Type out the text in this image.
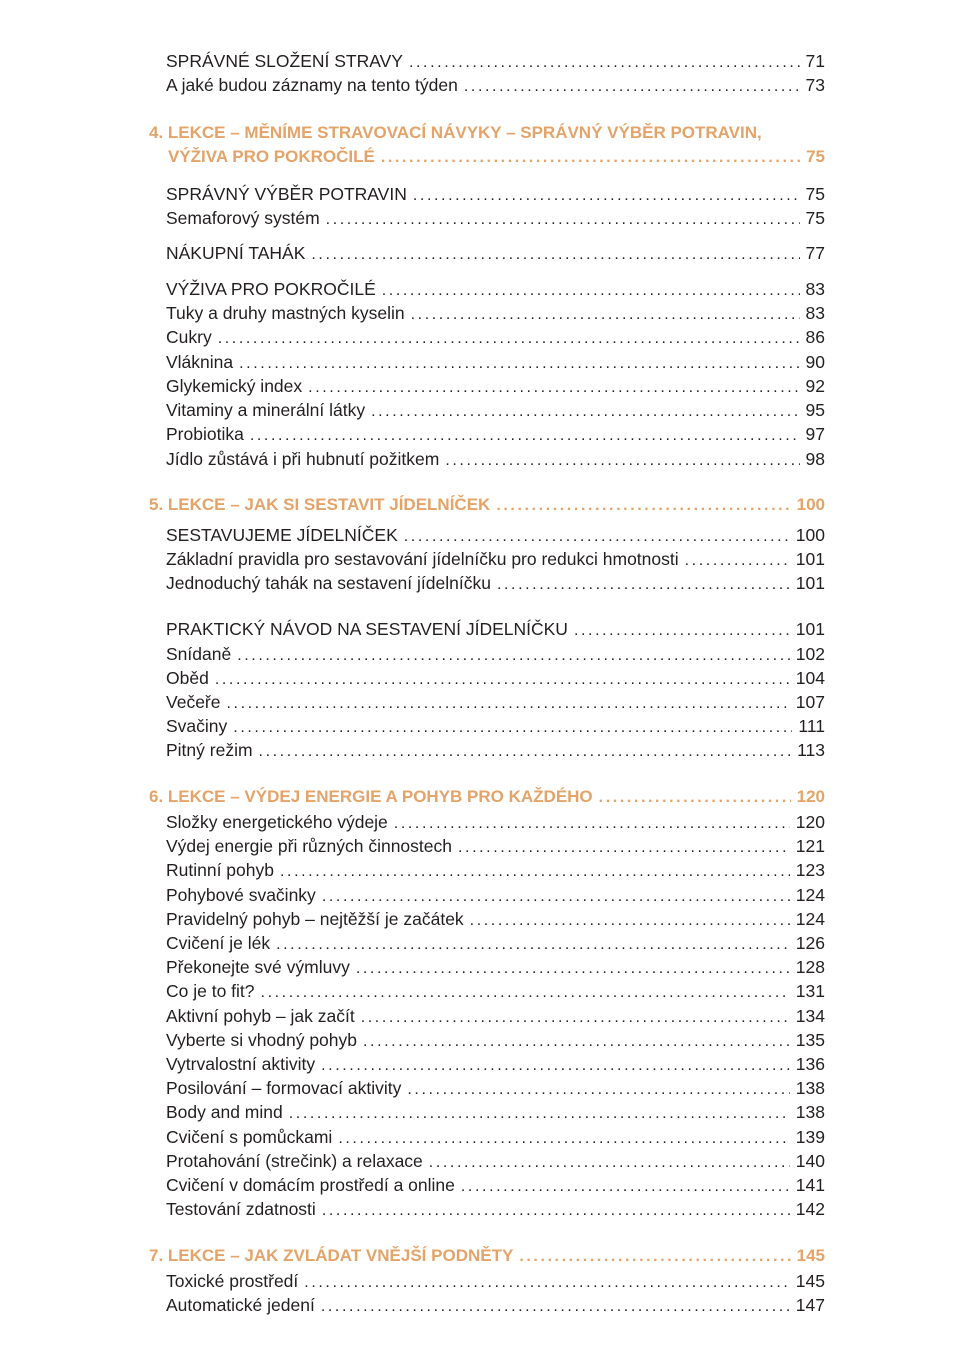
SPRÁVNÉ SLOŽENÍ STRAVY .....	71
A jaké budou záznamy na tento týden .....	73
4. LEKCE – MĚNÍME STRAVOVACÍ NÁVYKY – SPRÁVNÝ VÝBĚR POTRAVIN,
VÝŽIVA PRO POKROČILÉ .....	75
SPRÁVNÝ VÝBĚR POTRAVIN .....	75
Semaforový systém .....	75
NÁKUPNÍ TAHÁK .....	77
VÝŽIVA PRO POKROČILÉ .....	83
Tuky a druhy mastných kyselin .....	83
Cukry .....	86
Vláknina .....	90
Glykemický index .....	92
Vitaminy a minerální látky .....	95
Probiotika .....	97
Jídlo zůstává i při hubnutí požitkem .....	98
5. LEKCE – JAK SI SESTAVIT JÍDELNÍČEK .....	100
SESTAVUJEME JÍDELNÍČEK .....	100
Základní pravidla pro sestavování jídelníčku pro redukci hmotnosti .....	101
Jednoduchý tahák na sestavení jídelníčku .....	101
PRAKTICKÝ NÁVOD NA SESTAVENÍ JÍDELNÍČKU .....	101
Snídaně .....	102
Oběd .....	104
Večeře .....	107
Svačiny .....	111
Pitný režim .....	113
6. LEKCE – VÝDEJ ENERGIE A POHYB PRO KAŽDÉHO .....	120
Složky energetického výdeje .....	120
Výdej energie při různých činnostech .....	121
Rutinní pohyb .....	123
Pohybové svačinky .....	124
Pravidelný pohyb – nejtěžší je začátek .....	124
Cvičení je lék .....	126
Překonejte své výmluvy .....	128
Co je to fit? .....	131
Aktivní pohyb – jak začít .....	134
Vyberte si vhodný pohyb .....	135
Vytrvalostní aktivity .....	136
Posilování – formovací aktivity .....	138
Body and mind .....	138
Cvičení s pomůckami .....	139
Protahování (strečink) a relaxace .....	140
Cvičení v domácím prostředí a online .....	141
Testování zdatnosti .....	142
7. LEKCE – JAK ZVLÁDAT VNĚJŠÍ PODNĚTY .....	145
Toxické prostředí .....	145
Automatické jedení .....	147
